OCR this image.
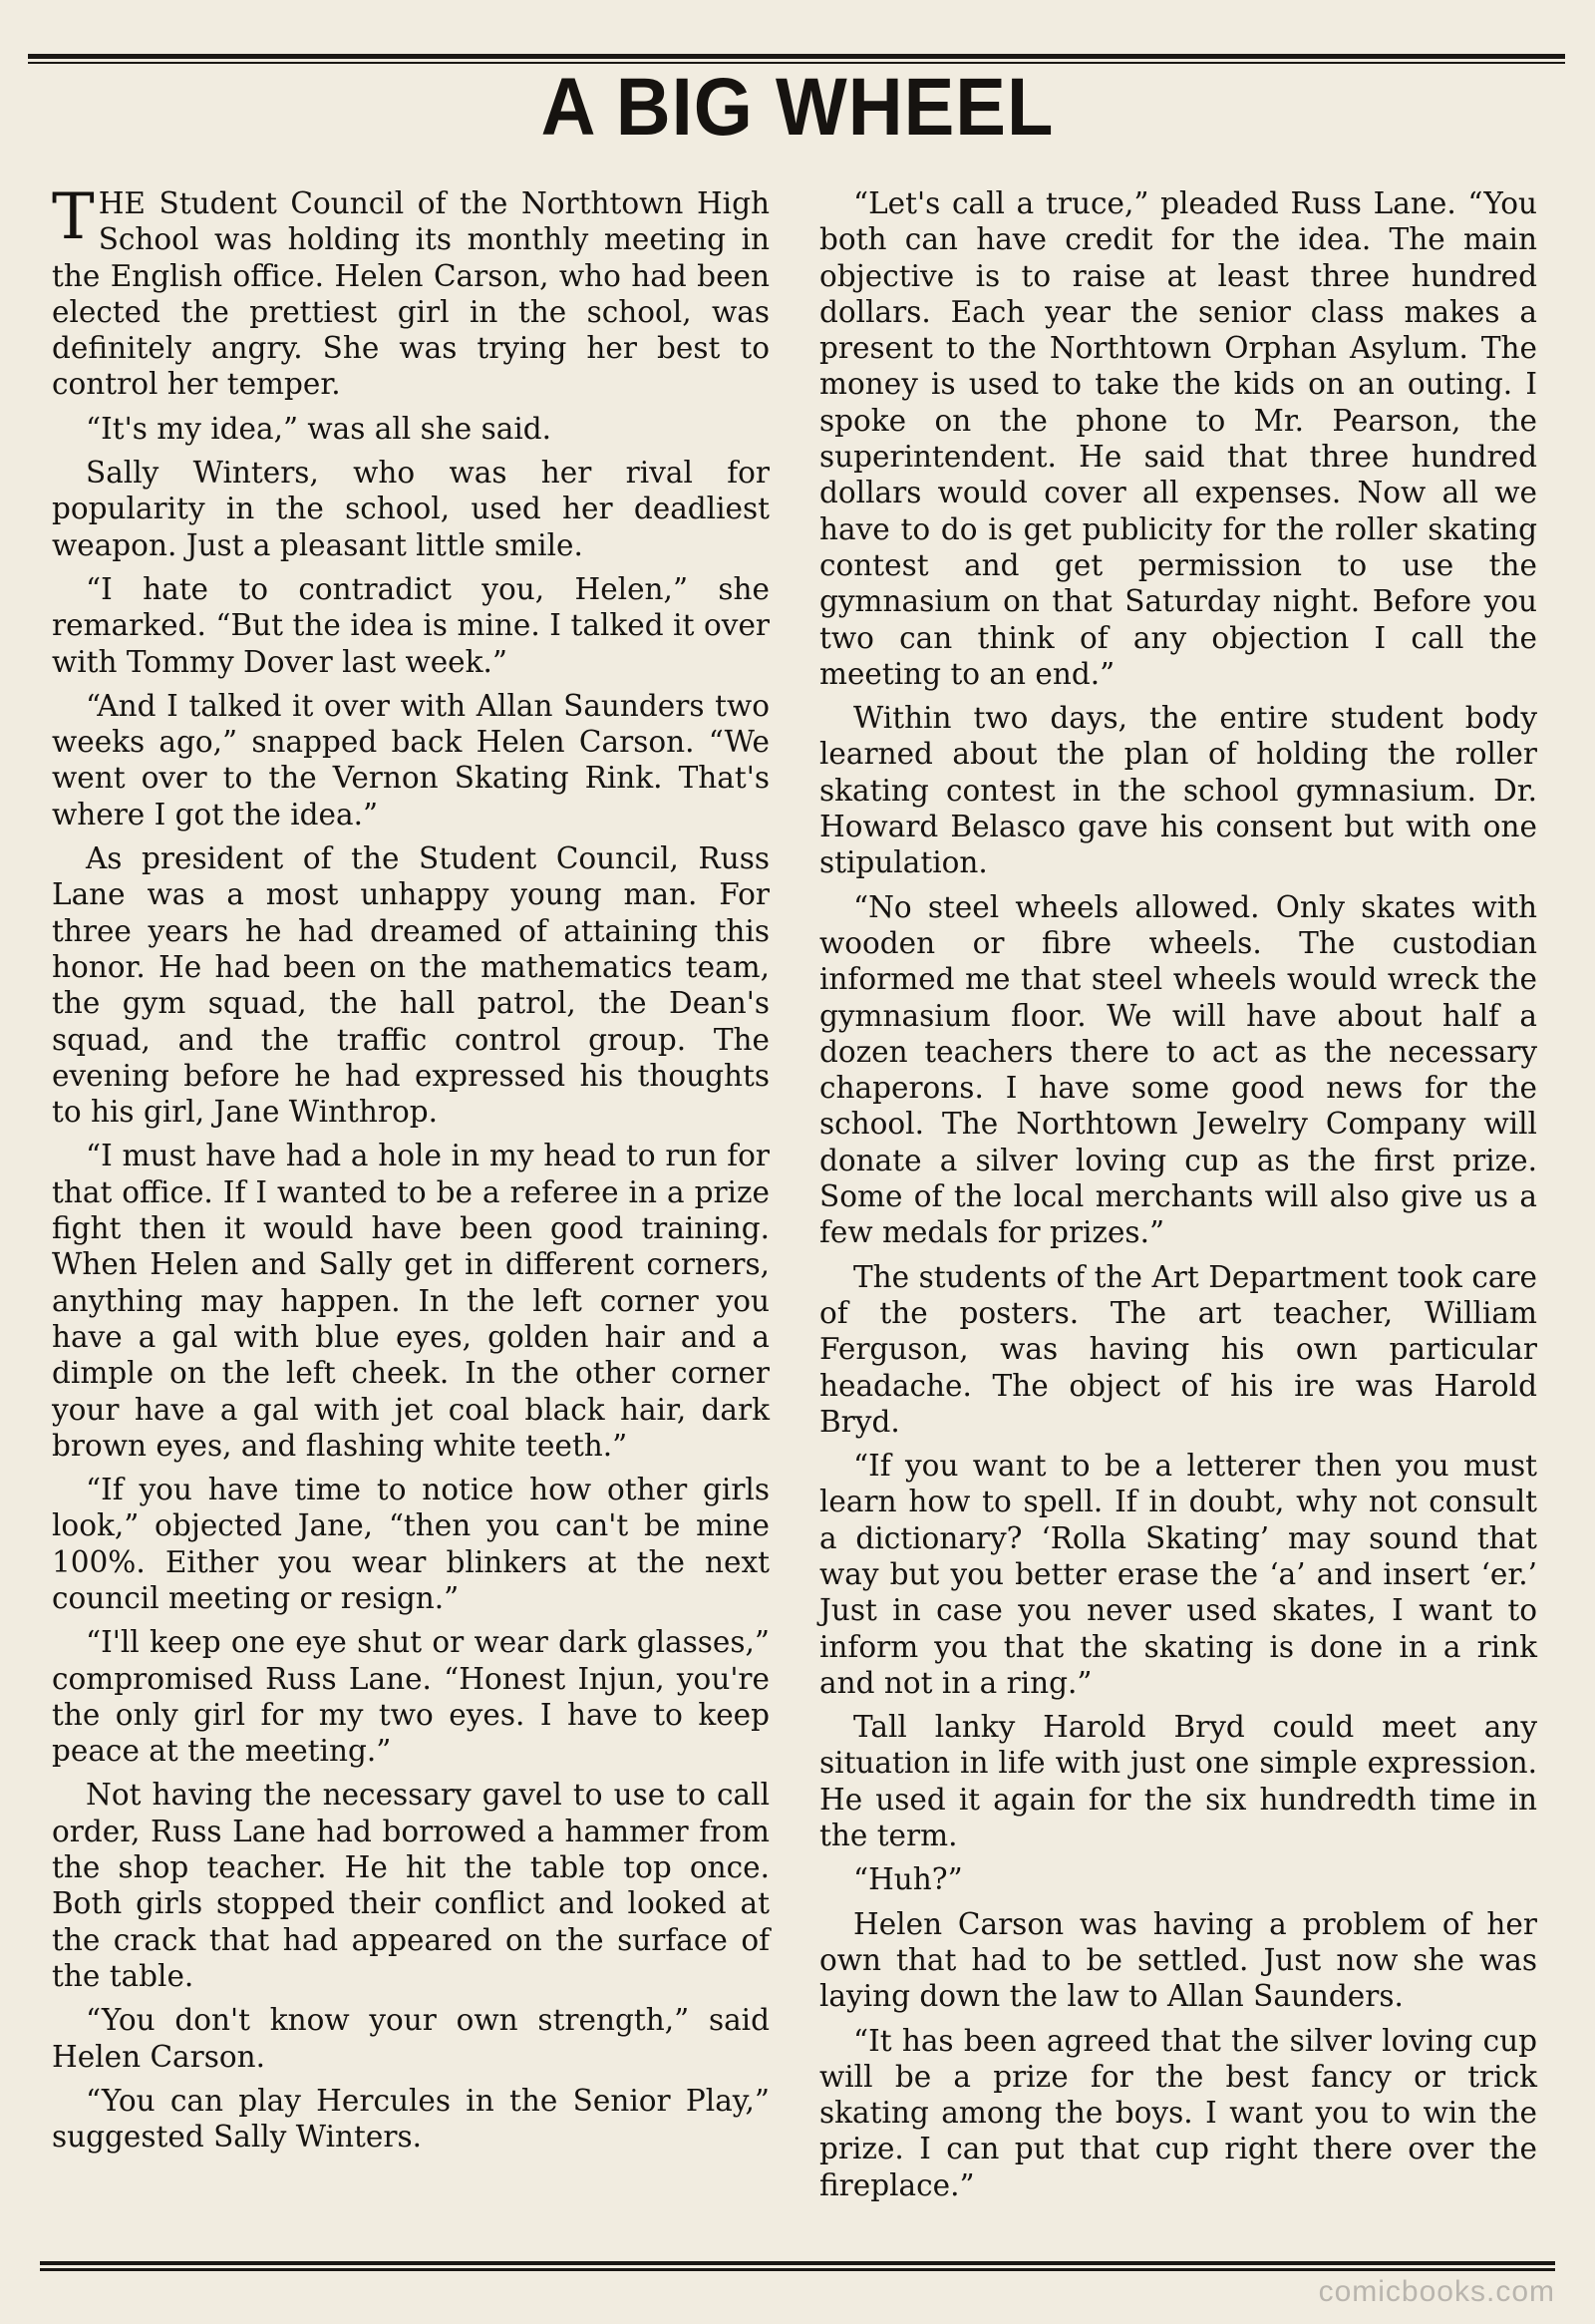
A BIG WHEEL

THE Student Council of the Northtown High School was holding its monthly meeting in the English office. Helen Carson, who had been elected the prettiest girl in the school, was definitely angry. She was trying her best to control her temper.

“It's my idea,” was all she said.

Sally Winters, who was her rival for popularity in the school, used her deadliest weapon. Just a pleasant little smile.

“I hate to contradict you, Helen,” she remarked. “But the idea is mine. I talked it over with Tommy Dover last week.”

“And I talked it over with Allan Saunders two weeks ago,” snapped back Helen Carson. “We went over to the Vernon Skating Rink. That's where I got the idea.”

As president of the Student Council, Russ Lane was a most unhappy young man. For three years he had dreamed of attaining this honor. He had been on the mathematics team, the gym squad, the hall patrol, the Dean's squad, and the traffic control group. The evening before he had expressed his thoughts to his girl, Jane Winthrop.

“I must have had a hole in my head to run for that office. If I wanted to be a referee in a prize fight then it would have been good training. When Helen and Sally get in different corners, anything may happen. In the left corner you have a gal with blue eyes, golden hair and a dimple on the left cheek. In the other corner your have a gal with jet coal black hair, dark brown eyes, and flashing white teeth.”

“If you have time to notice how other girls look,” objected Jane, “then you can't be mine 100%. Either you wear blinkers at the next council meeting or resign.”

“I'll keep one eye shut or wear dark glasses,” compromised Russ Lane. “Honest Injun, you're the only girl for my two eyes. I have to keep peace at the meeting.”

Not having the necessary gavel to use to call order, Russ Lane had borrowed a hammer from the shop teacher. He hit the table top once. Both girls stopped their conflict and looked at the crack that had appeared on the surface of the table.

“You don't know your own strength,” said Helen Carson.

“You can play Hercules in the Senior Play,” suggested Sally Winters.

“Let's call a truce,” pleaded Russ Lane. “You both can have credit for the idea. The main objective is to raise at least three hundred dollars. Each year the senior class makes a present to the Northtown Orphan Asylum. The money is used to take the kids on an outing. I spoke on the phone to Mr. Pearson, the superintendent. He said that three hundred dollars would cover all expenses. Now all we have to do is get publicity for the roller skating contest and get permission to use the gymnasium on that Saturday night. Before you two can think of any objection I call the meeting to an end.”

Within two days, the entire student body learned about the plan of holding the roller skating contest in the school gymnasium. Dr. Howard Belasco gave his consent but with one stipulation.

“No steel wheels allowed. Only skates with wooden or fibre wheels. The custodian informed me that steel wheels would wreck the gymnasium floor. We will have about half a dozen teachers there to act as the necessary chaperons. I have some good news for the school. The Northtown Jewelry Company will donate a silver loving cup as the first prize. Some of the local merchants will also give us a few medals for prizes.”

The students of the Art Department took care of the posters. The art teacher, William Ferguson, was having his own particular headache. The object of his ire was Harold Bryd.

“If you want to be a letterer then you must learn how to spell. If in doubt, why not consult a dictionary? ‘Rolla Skating’ may sound that way but you better erase the ‘a’ and insert ‘er.’ Just in case you never used skates, I want to inform you that the skating is done in a rink and not in a ring.”

Tall lanky Harold Bryd could meet any situation in life with just one simple expression. He used it again for the six hundredth time in the term.

“Huh?”

Helen Carson was having a problem of her own that had to be settled. Just now she was laying down the law to Allan Saunders.

“It has been agreed that the silver loving cup will be a prize for the best fancy or trick skating among the boys. I want you to win the prize. I can put that cup right there over the fireplace.”

comicbooks.com
